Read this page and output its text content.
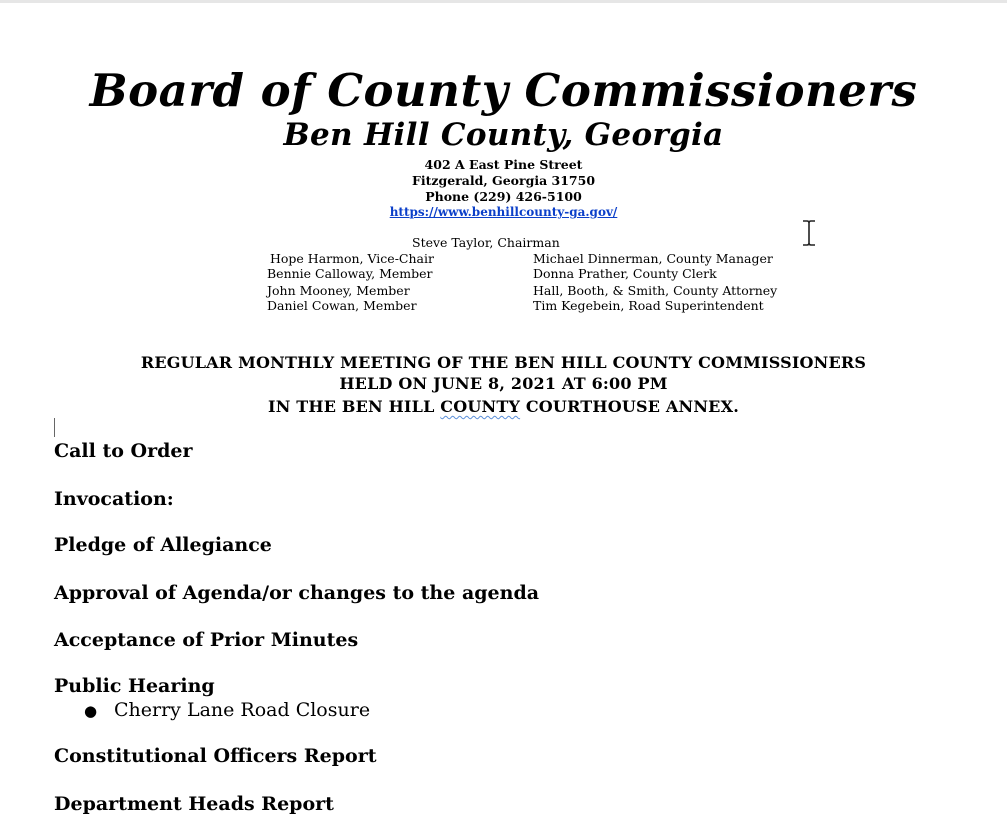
Board of County Commissioners
Ben Hill County, Georgia
402 A East Pine Street
Fitzgerald, Georgia 31750
Phone (229) 426-5100
https://www.benhillcounty-ga.gov/
Steve Taylor, Chairman
Hope Harmon, Vice-Chair
Bennie Calloway, Member
John Mooney, Member
Daniel Cowan, Member
Michael Dinnerman, County Manager
Donna Prather, County Clerk
Hall, Booth, & Smith, County Attorney
Tim Kegebein, Road Superintendent
REGULAR MONTHLY MEETING OF THE BEN HILL COUNTY COMMISSIONERS
HELD ON JUNE 8, 2021 AT 6:00 PM
IN THE BEN HILL COUNTY COURTHOUSE ANNEX.
Call to Order
Invocation:
Pledge of Allegiance
Approval of Agenda/or changes to the agenda
Acceptance of Prior Minutes
Public Hearing
● Cherry Lane Road Closure
Constitutional Officers Report
Department Heads Report
